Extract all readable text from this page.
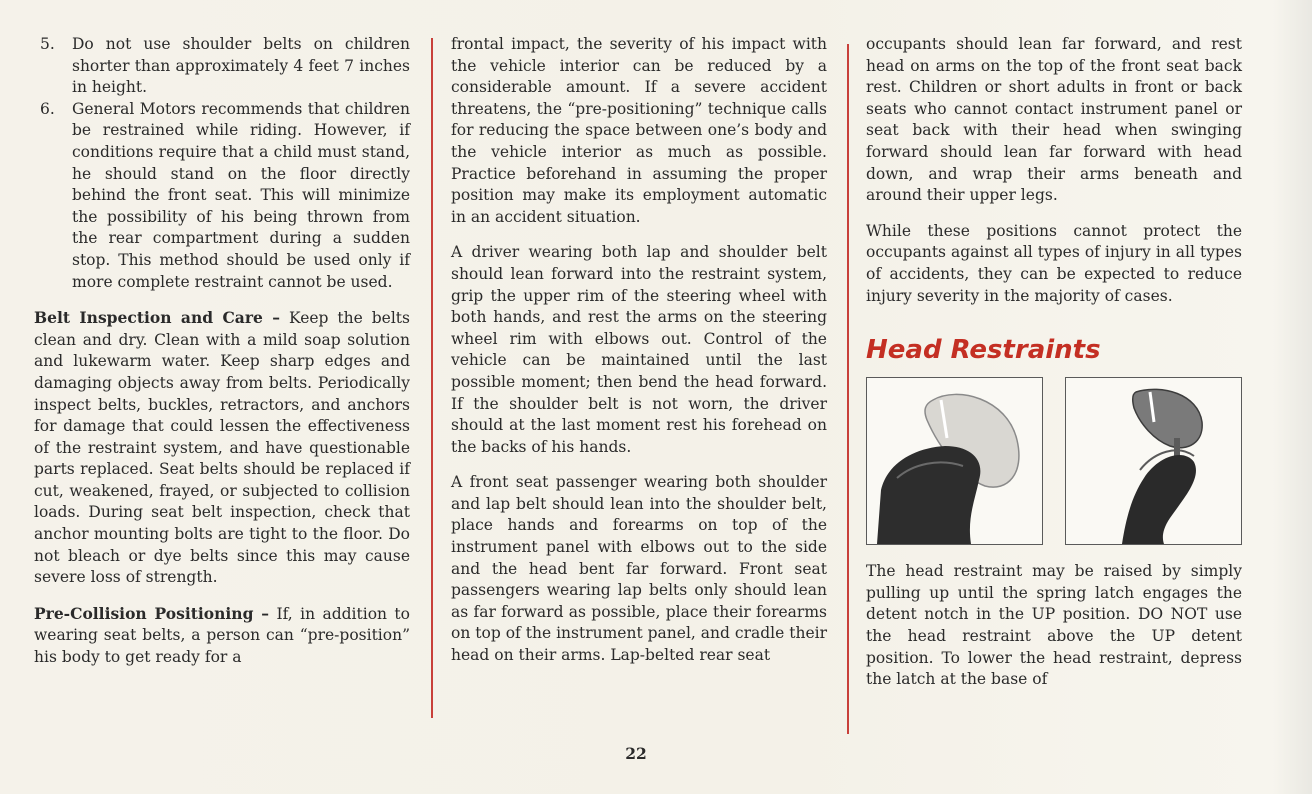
5. Do not use shoulder belts on children shorter than approximately 4 feet 7 inches in height.
6. General Motors recommends that children be restrained while riding. However, if conditions require that a child must stand, he should stand on the floor directly behind the front seat. This will minimize the possibility of his being thrown from the rear compartment during a sudden stop. This method should be used only if more complete restraint cannot be used.

Belt Inspection and Care – Keep the belts clean and dry. Clean with a mild soap solution and lukewarm water. Keep sharp edges and damaging objects away from belts. Periodically inspect belts, buckles, retractors, and anchors for damage that could lessen the effectiveness of the restraint system, and have questionable parts replaced. Seat belts should be replaced if cut, weakened, frayed, or subjected to collision loads. During seat belt inspection, check that anchor mounting bolts are tight to the floor. Do not bleach or dye belts since this may cause severe loss of strength.

Pre-Collision Positioning – If, in addition to wearing seat belts, a person can “pre-position” his body to get ready for a

frontal impact, the severity of his impact with the vehicle interior can be reduced by a considerable amount. If a severe accident threatens, the “pre-positioning” technique calls for reducing the space between one’s body and the vehicle interior as much as possible. Practice beforehand in assuming the proper position may make its employment automatic in an accident situation.

A driver wearing both lap and shoulder belt should lean forward into the restraint system, grip the upper rim of the steering wheel with both hands, and rest the arms on the steering wheel rim with elbows out. Control of the vehicle can be maintained until the last possible moment; then bend the head forward. If the shoulder belt is not worn, the driver should at the last moment rest his forehead on the backs of his hands.

A front seat passenger wearing both shoulder and lap belt should lean into the shoulder belt, place hands and forearms on top of the instrument panel with elbows out to the side and the head bent far forward. Front seat passengers wearing lap belts only should lean as far forward as possible, place their forearms on top of the instrument panel, and cradle their head on their arms. Lap-belted rear seat

occupants should lean far forward, and rest head on arms on the top of the front seat back rest. Children or short adults in front or back seats who cannot contact instrument panel or seat back with their head when swinging forward should lean far forward with head down, and wrap their arms beneath and around their upper legs.

While these positions cannot protect the occupants against all types of injury in all types of accidents, they can be expected to reduce injury severity in the majority of cases.

Head Restraints

The head restraint may be raised by simply pulling up until the spring latch engages the detent notch in the UP position. DO NOT use the head restraint above the UP detent position. To lower the head restraint, depress the latch at the base of

22
